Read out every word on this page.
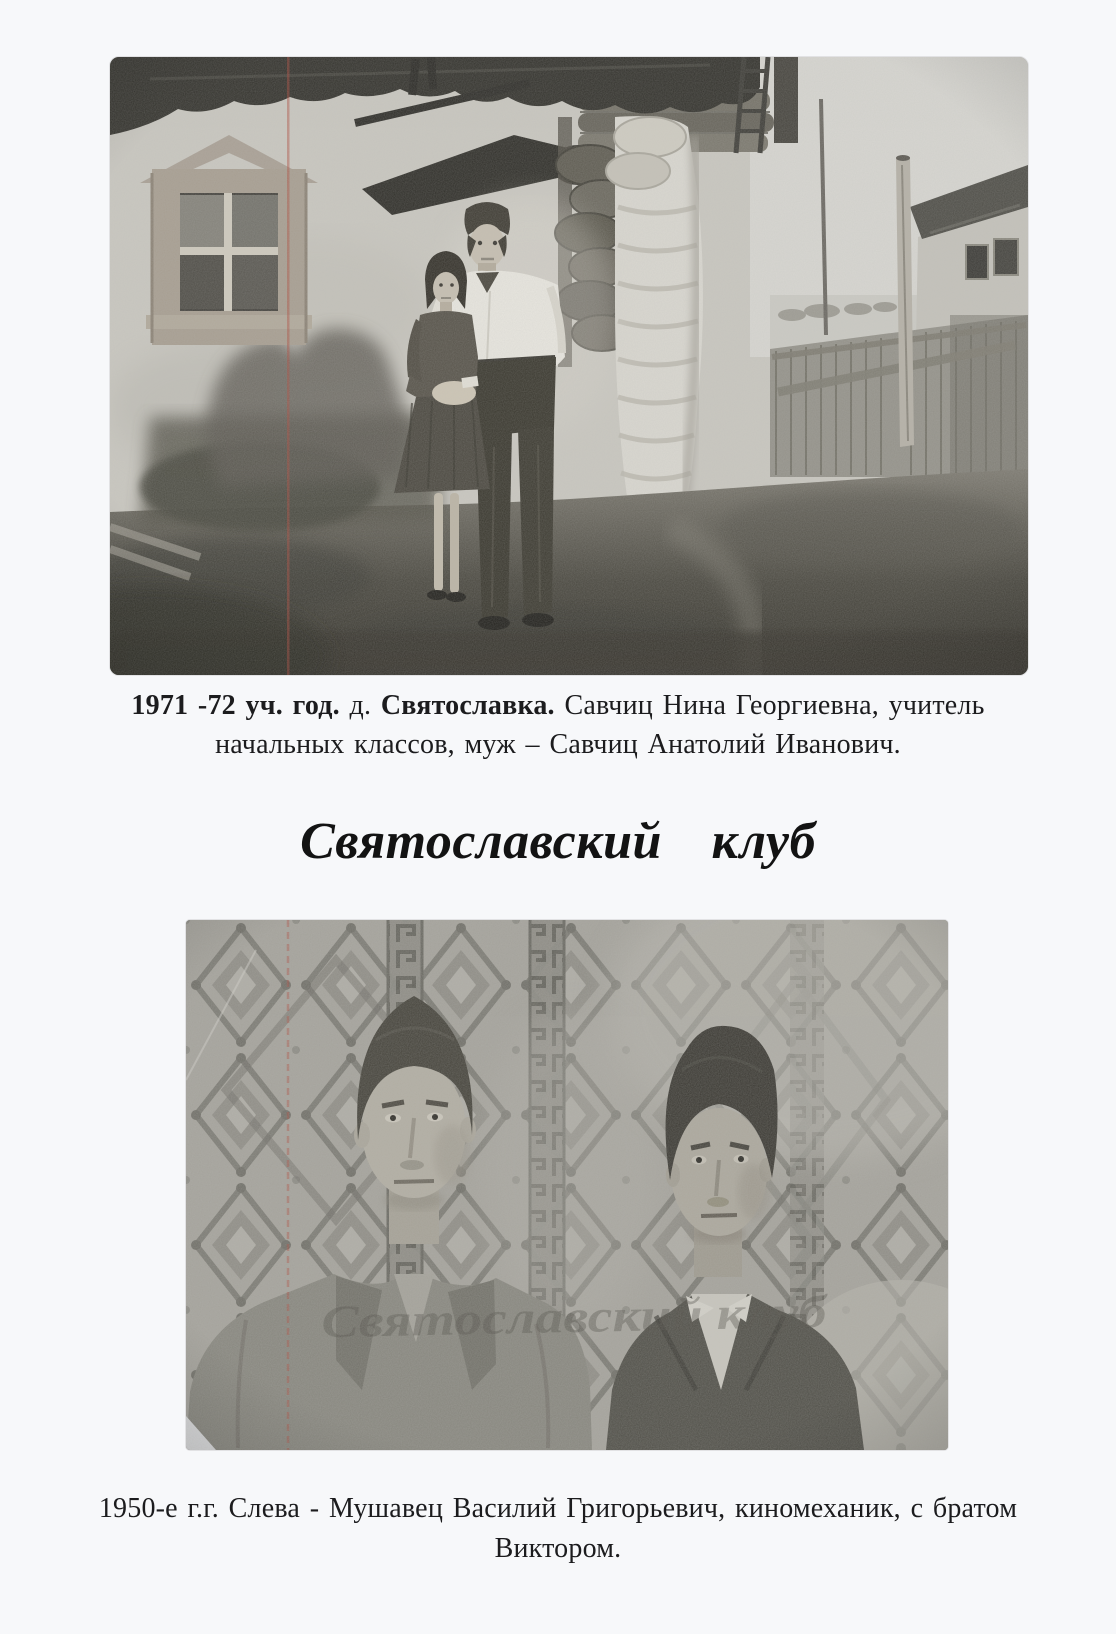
1971 -72 уч. год. д. Святославка. Савчиц Нина Георгиевна, учитель
начальных классов, муж – Савчиц Анатолий Иванович.
Святославский клуб
1950-е г.г. Слева - Мушавец Василий Григорьевич, киномеханик, с братом
Виктором.
